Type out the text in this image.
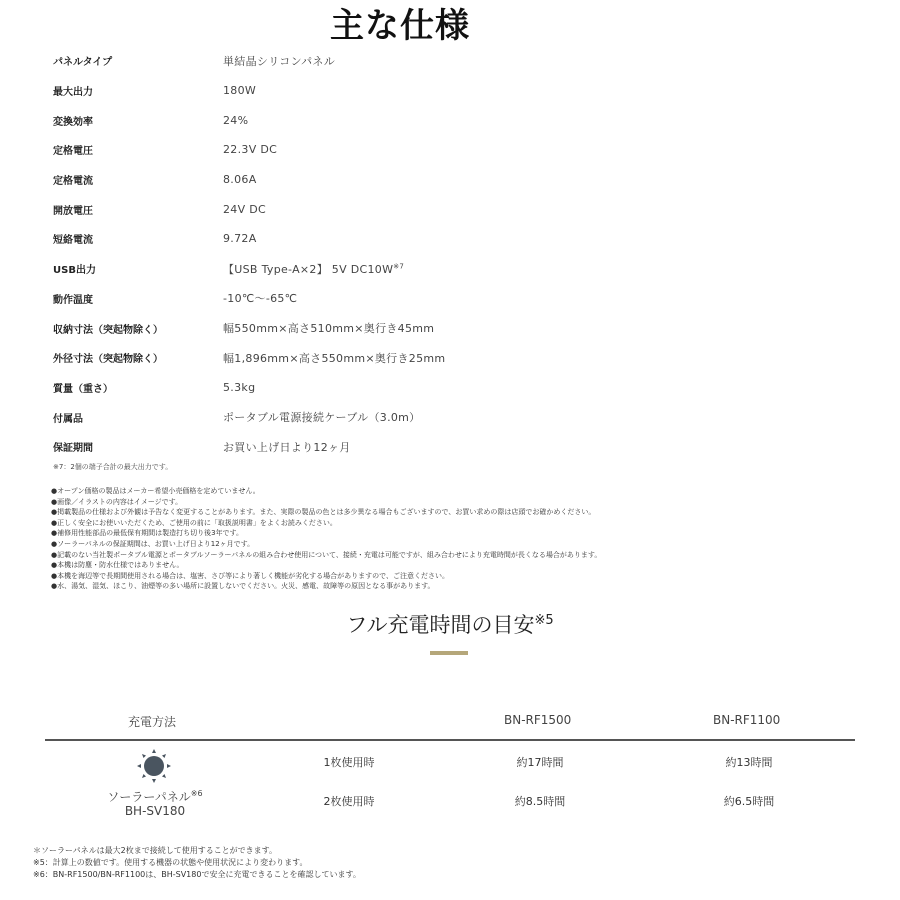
主な仕様
パネルタイプ	単結晶シリコンパネル
最大出力	180W
変換効率	24%
定格電圧	22.3V DC
定格電流	8.06A
開放電圧	24V DC
短絡電流	9.72A
USB出力	【USB Type-A×2】 5V $DC10W^{※7}$
動作温度	-10℃〜-65℃
収納寸法（突起物除く）	幅550mm×高さ510mm×奥行き45mm
外径寸法（突起物除く）	幅1,896mm×高さ550mm×奥行き25mm
質量（重さ）	5.3kg
付属品	ポータブル電源接続ケーブル（3.0m）
保証期間	お買い上げ日より12ヶ月
※7：2個の端子合計の最大出力です。
●オープン価格の製品はメーカー希望小売価格を定めていません。
●画像／イラストの内容はイメージです。
●掲載製品の仕様および外観は予告なく変更することがあります。また、実際の製品の色とは多少異なる場合もございますので、お買い求めの際は店頭でお確かめください。
●正しく安全にお使いいただくため、ご使用の前に「取扱説明書」をよくお読みください。
●補修用性能部品の最低保有期間は製造打ち切り後3年です。
●ソーラーパネルの保証期間は、お買い上げ日より12ヶ月です。
●記載のない当社製ポータブル電源とポータブルソーラーパネルの組み合わせ使用について、接続・充電は可能ですが、組み合わせにより充電時間が長くなる場合があります。
●本機は防塵・防水仕様ではありません。
●本機を海辺等で長期間使用される場合は、塩害、さび等により著しく機能が劣化する場合がありますので、ご注意ください。
●水、湯気、湿気、ほこり、油煙等の多い場所に設置しないでください。火災、感電、故障等の原因となる事があります。
フル充電時間の目安$^{※5}$
充電方法	BN-RF1500	BN-RF1100
ソーラーパネル$^{※6}$
BH-SV180
1枚使用時	約17時間	約13時間
2枚使用時	約8.5時間	約6.5時間
＊ソーラーパネルは最大2枚まで接続して使用することができます。
※5：計算上の数値です。使用する機器の状態や使用状況により変わります。
※6：BN-RF1500/BN-RF1100は、BH-SV180で安全に充電できることを確認しています。
